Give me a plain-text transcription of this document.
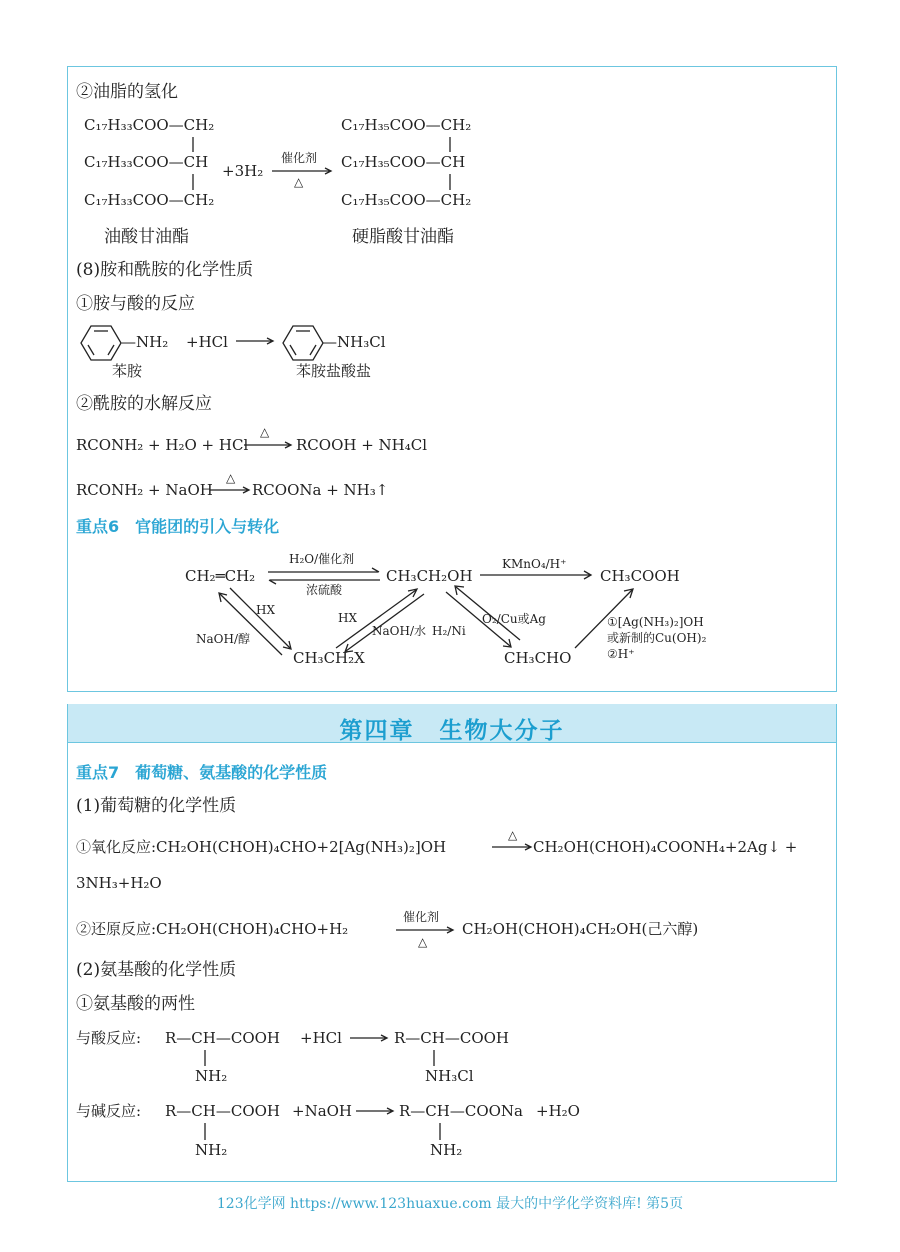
②油脂的氢化
C₁₇H₃₃COO—CH₂
C₁₇H₃₃COO—CH
C₁₇H₃₃COO—CH₂
+3H₂
催化剂
△
C₁₇H₃₅COO—CH₂
C₁₇H₃₅COO—CH
C₁₇H₃₅COO—CH₂
油酸甘油酯	硬脂酸甘油酯
(8)胺和酰胺的化学性质
①胺与酸的反应
—NH₂ +HCl	—NH₃Cl
苯胺	苯胺盐酸盐
②酰胺的水解反应
RCONH₂ + H₂O + HCl
△
RCOOH + NH₄Cl
RCONH₂ + NaOH
△
RCOONa + NH₃↑
重点6　官能团的引入与转化
CH₂═CH₂	CH₃CH₂OH	CH₃COOH
CH₃CH₂X	CH₃CHO
H₂O/催化剂
浓硫酸
KMnO₄/H⁺
HX
NaOH/醇
HX
NaOH/水 H₂/Ni
O₂/Cu或Ag	①[Ag(NH₃)₂]OH
或新制的Cu(OH)₂
②H⁺
第四章　生物大分子
重点7　葡萄糖、氨基酸的化学性质
(1)葡萄糖的化学性质
①氧化反应:CH₂OH(CHOH)₄CHO+2[Ag(NH₃)₂]OH
△
CH₂OH(CHOH)₄COONH₄+2Ag↓ +
3NH₃+H₂O
②还原反应:CH₂OH(CHOH)₄CHO+H₂
催化剂
△
CH₂OH(CHOH)₄CH₂OH(己六醇)
(2)氨基酸的化学性质
①氨基酸的两性
与酸反应: R—CH—COOH +HCl	R—CH—COOH
NH₂	NH₃Cl
与碱反应: R—CH—COOH +NaOH	R—CH—COONa +H₂O
NH₂	NH₂
123化学网 https://www.123huaxue.com 最大的中学化学资料库! 第5页
